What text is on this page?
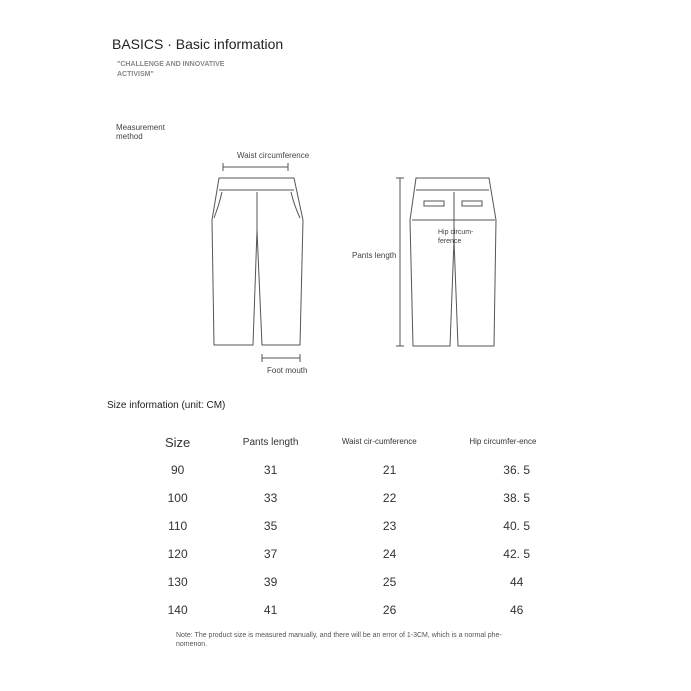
BASICS · Basic information
"CHALLENGE AND INNOVATIVE ACTIVISM"
Measurement method
Waist circumference
Foot mouth
Pants length
Hip circum-ference
Size information (unit: CM)
Size	Pants length	Waist cir-cumference	Hip circumfer-ence
90	31	21	36. 5
100	33	22	38. 5
110	35	23	40. 5
120	37	24	42. 5
130	39	25	44
140	41	26	46
Note: The product size is measured manually, and there will be an error of 1-3CM, which is a normal phe-nomenon.
